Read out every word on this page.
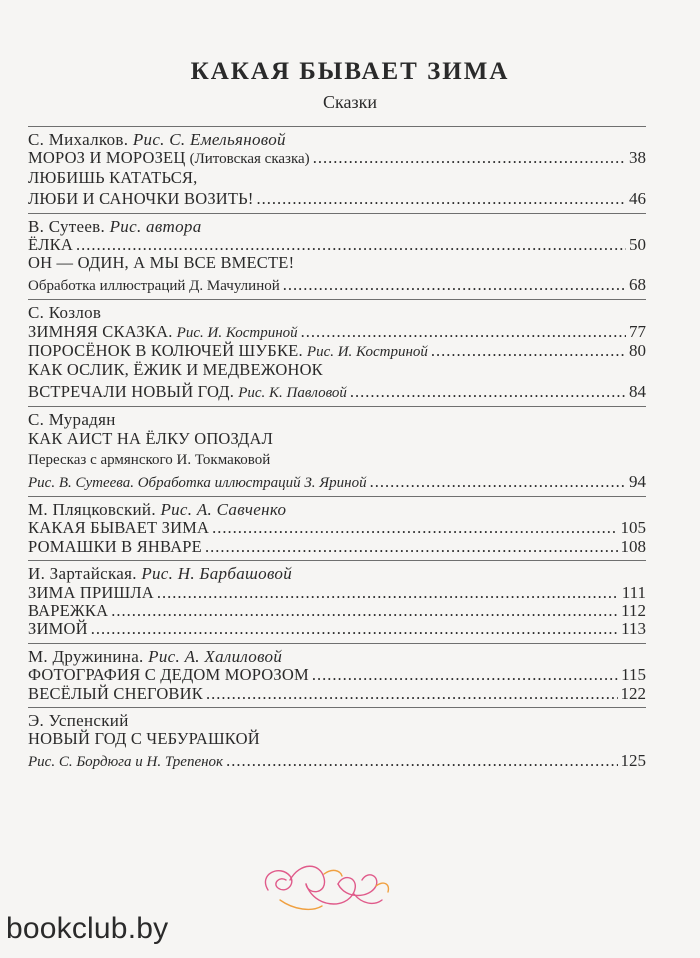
КАКАЯ БЫВАЕТ ЗИМА
Сказки
С. Михалков.
Рис. С. Емельяновой
МОРОЗ И МОРОЗЕЦ
(Литовская сказка) .....	38
ЛЮБИШЬ КАТАТЬСЯ,
ЛЮБИ И САНОЧКИ ВОЗИТЬ! .....	46
В. Сутеев.
Рис. автора
ЁЛКА .....	50
ОН — ОДИН, А МЫ ВСЕ ВМЕСТЕ!
Обработка иллюстраций Д. Мачулиной .....	68
С. Козлов
ЗИМНЯЯ СКАЗКА.
Рис. И. Костриной .....	77
ПОРОСЁНОК В КОЛЮЧЕЙ ШУБКЕ.
Рис. И. Костриной .....	80
КАК ОСЛИК, ЁЖИК И МЕДВЕЖОНОК
ВСТРЕЧАЛИ НОВЫЙ ГОД.
Рис. К. Павловой .....	84
С. Мурадян
КАК АИСТ НА ЁЛКУ ОПОЗДАЛ
Пересказ с армянского И. Токмаковой
Рис. В. Сутеева. Обработка иллюстраций З. Яриной .....	94
М. Пляцковский.
Рис. А. Савченко
КАКАЯ БЫВАЕТ ЗИМА .....	105
РОМАШКИ В ЯНВАРЕ .....	108
И. Зартайская.
Рис. Н. Барбашовой
ЗИМА ПРИШЛА .....	111
ВАРЕЖКА .....	112
ЗИМОЙ .....	113
М. Дружинина.
Рис. А. Халиловой
ФОТОГРАФИЯ С ДЕДОМ МОРОЗОМ .....	115
ВЕСЁЛЫЙ СНЕГОВИК .....	122
Э. Успенский
НОВЫЙ ГОД С ЧЕБУРАШКОЙ
Рис. С. Бордюга и Н. Трепенок .....	125
bookclub.by
